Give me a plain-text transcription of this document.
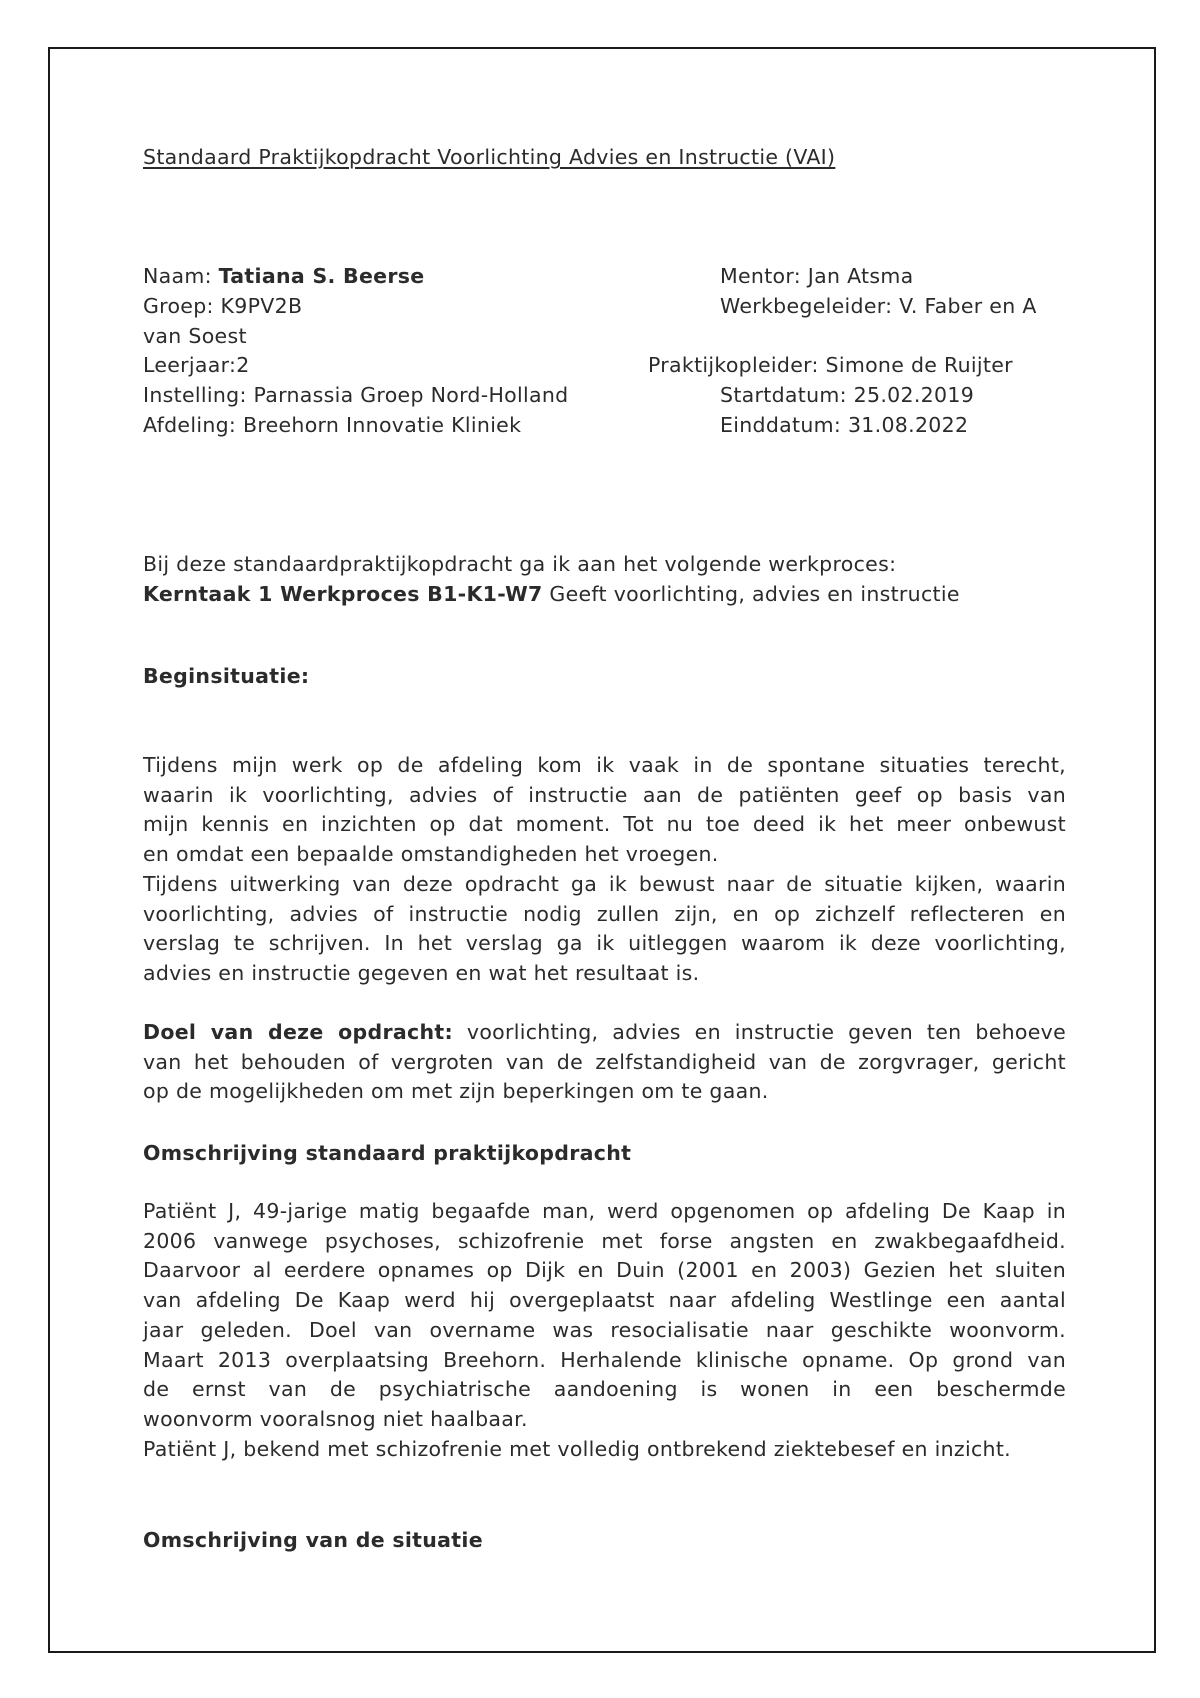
Standaard Praktijkopdracht Voorlichting Advies en Instructie (VAI)
Naam: Tatiana S. Beerse
Groep: K9PV2B
van Soest
Leerjaar:2
Instelling: Parnassia Groep Nord-Holland
Afdeling: Breehorn Innovatie Kliniek
Mentor: Jan Atsma
Werkbegeleider: V. Faber en A
Praktijkopleider: Simone de Ruijter
Startdatum: 25.02.2019
Einddatum: 31.08.2022
Bij deze standaardpraktijkopdracht ga ik aan het volgende werkproces:
Kerntaak 1 Werkproces B1-K1-W7 Geeft voorlichting, advies en instructie
Beginsituatie:
Tijdens mijn werk op de afdeling kom ik vaak in de spontane situaties terecht,
waarin ik voorlichting, advies of instructie aan de patiënten geef op basis van
mijn kennis en inzichten op dat moment. Tot nu toe deed ik het meer onbewust
en omdat een bepaalde omstandigheden het vroegen.
Tijdens uitwerking van deze opdracht ga ik bewust naar de situatie kijken, waarin
voorlichting, advies of instructie nodig zullen zijn, en op zichzelf reflecteren en
verslag te schrijven. In het verslag ga ik uitleggen waarom ik deze voorlichting,
advies en instructie gegeven en wat het resultaat is.
Doel van deze opdracht: voorlichting, advies en instructie geven ten behoeve
van het behouden of vergroten van de zelfstandigheid van de zorgvrager, gericht
op de mogelijkheden om met zijn beperkingen om te gaan.
Omschrijving standaard praktijkopdracht
Patiënt J, 49-jarige matig begaafde man, werd opgenomen op afdeling De Kaap in
2006 vanwege psychoses, schizofrenie met forse angsten en zwakbegaafdheid.
Daarvoor al eerdere opnames op Dijk en Duin (2001 en 2003) Gezien het sluiten
van afdeling De Kaap werd hij overgeplaatst naar afdeling Westlinge een aantal
jaar geleden. Doel van overname was resocialisatie naar geschikte woonvorm.
Maart 2013 overplaatsing Breehorn. Herhalende klinische opname. Op grond van
de ernst van de psychiatrische aandoening is wonen in een beschermde
woonvorm vooralsnog niet haalbaar.
Patiënt J, bekend met schizofrenie met volledig ontbrekend ziektebesef en inzicht.
Omschrijving van de situatie
